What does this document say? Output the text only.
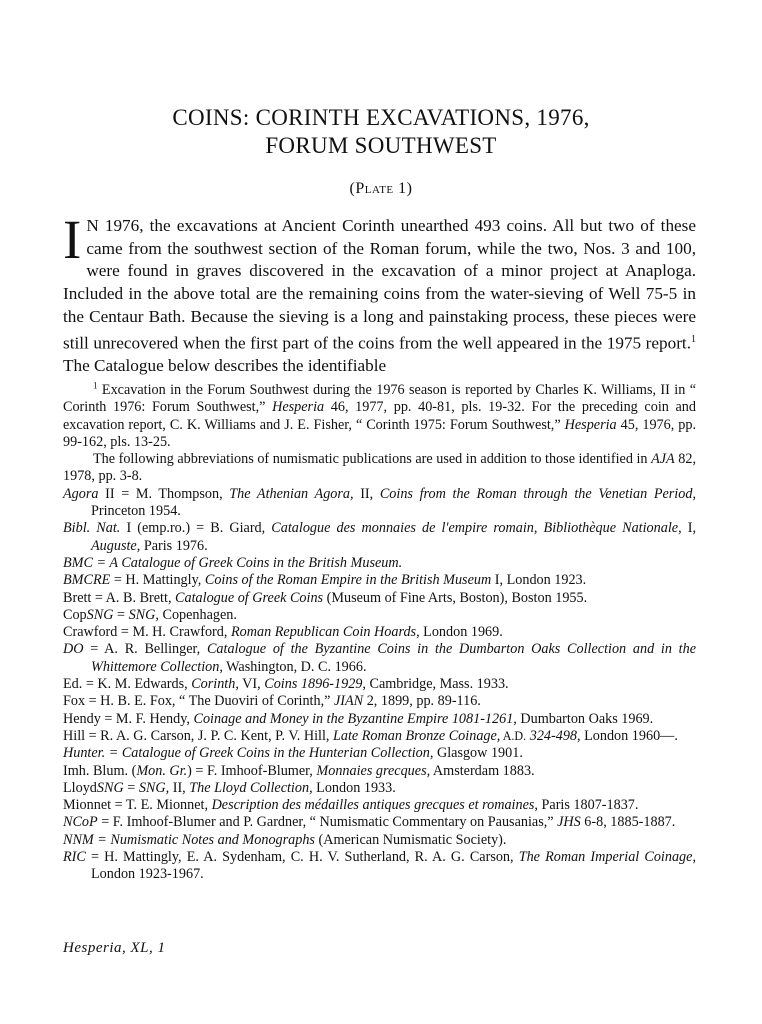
COINS: CORINTH EXCAVATIONS, 1976,
FORUM SOUTHWEST
(Plate 1)
I N 1976, the excavations at Ancient Corinth unearthed 493 coins. All but two of these came from the southwest section of the Roman forum, while the two, Nos. 3 and 100, were found in graves discovered in the excavation of a minor project at Anaploga. Included in the above total are the remaining coins from the water-sieving of Well 75-5 in the Centaur Bath. Because the sieving is a long and painstaking process, these pieces were still unrecovered when the first part of the coins from the well appeared in the 1975 report.$^1$ The Catalogue below describes the identifiable

$^1$ Excavation in the Forum Southwest during the 1976 season is reported by Charles K. Williams, II in “ Corinth 1976: Forum Southwest,” Hesperia 46, 1977, pp. 40-81, pls. 19-32. For the preceding coin and excavation report, C. K. Williams and J. E. Fisher, “ Corinth 1975: Forum Southwest,” Hesperia 45, 1976, pp. 99-162, pls. 13-25.

The following abbreviations of numismatic publications are used in addition to those identified in AJA 82, 1978, pp. 3-8.

Agora II = M. Thompson, The Athenian Agora, II, Coins from the Roman through the Venetian Period, Princeton 1954.
Bibl. Nat. I (emp.ro.) = B. Giard, Catalogue des monnaies de l'empire romain, Bibliothèque Nationale, I, Auguste, Paris 1976.
BMC = A Catalogue of Greek Coins in the British Museum.
BMCRE = H. Mattingly, Coins of the Roman Empire in the British Museum I, London 1923.
Brett = A. B. Brett, Catalogue of Greek Coins (Museum of Fine Arts, Boston), Boston 1955.
CopSNG = SNG, Copenhagen.
Crawford = M. H. Crawford, Roman Republican Coin Hoards, London 1969.
DO = A. R. Bellinger, Catalogue of the Byzantine Coins in the Dumbarton Oaks Collection and in the Whittemore Collection, Washington, D. C. 1966.
Ed. = K. M. Edwards, Corinth, VI, Coins 1896-1929, Cambridge, Mass. 1933.
Fox = H. B. E. Fox, “ The Duoviri of Corinth,” JIAN 2, 1899, pp. 89-116.
Hendy = M. F. Hendy, Coinage and Money in the Byzantine Empire 1081-1261, Dumbarton Oaks 1969.
Hill = R. A. G. Carson, J. P. C. Kent, P. V. Hill, Late Roman Bronze Coinage, A.D. 324-498, London 1960—.
Hunter. = Catalogue of Greek Coins in the Hunterian Collection, Glasgow 1901.
Imh. Blum. (Mon. Gr.) = F. Imhoof-Blumer, Monnaies grecques, Amsterdam 1883.
LloydSNG = SNG, II, The Lloyd Collection, London 1933.
Mionnet = T. E. Mionnet, Description des médailles antiques grecques et romaines, Paris 1807-1837.
NCoP = F. Imhoof-Blumer and P. Gardner, “ Numismatic Commentary on Pausanias,” JHS 6-8, 1885-1887.
NNM = Numismatic Notes and Monographs (American Numismatic Society).
RIC = H. Mattingly, E. A. Sydenham, C. H. V. Sutherland, R. A. G. Carson, The Roman Imperial Coinage, London 1923-1967.
Hesperia, XL, 1
